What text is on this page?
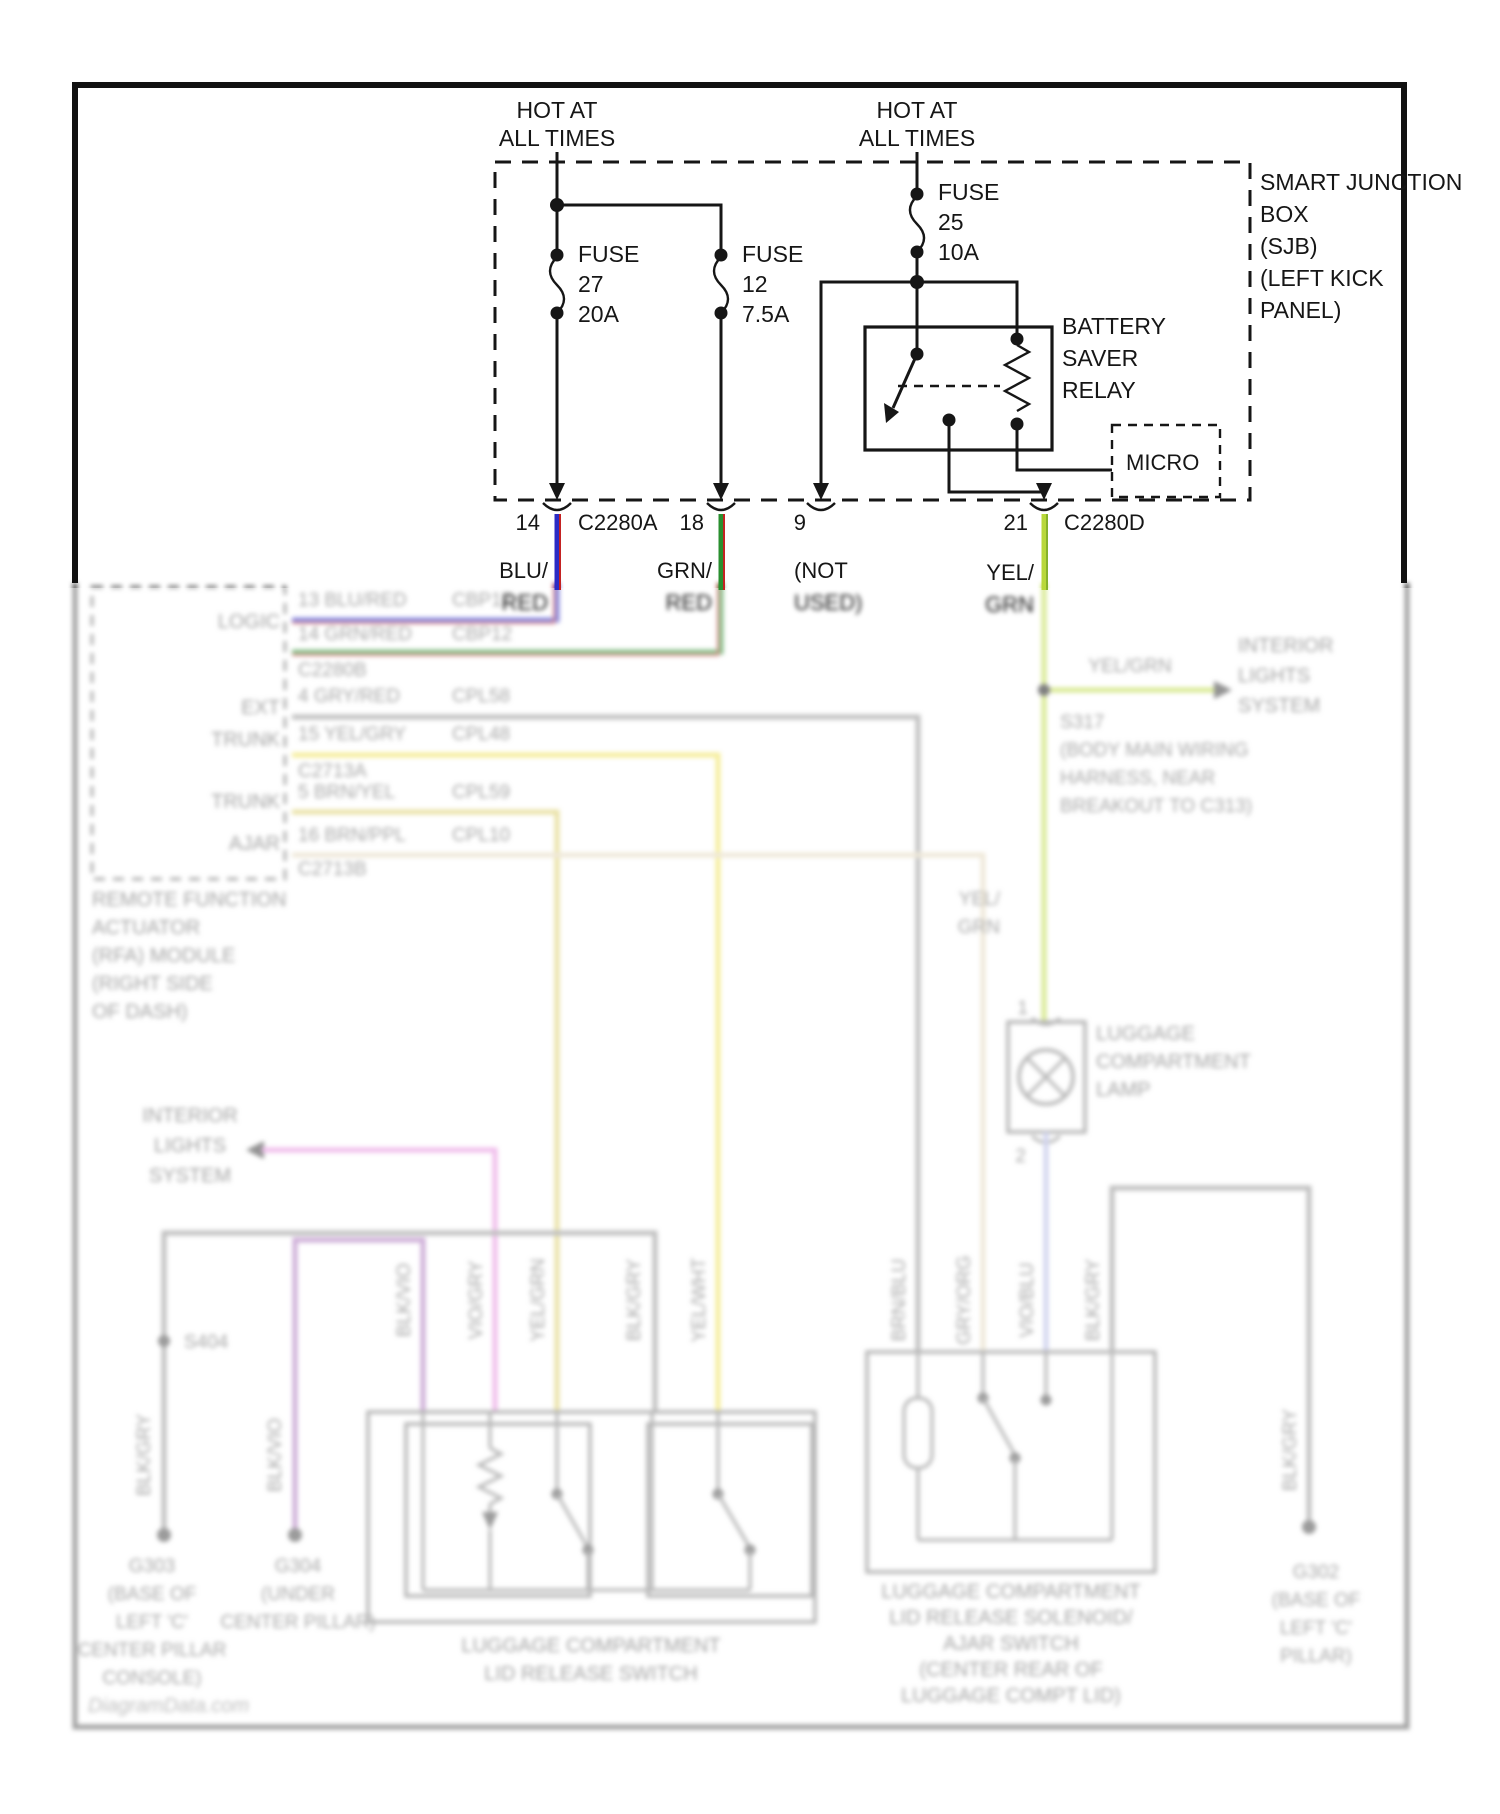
LOGIC
EXT
TRUNK
TRUNK
AJAR
13 BLU/RED CBP17
14 GRN/RED CBP12
C2280B
4 GRY/RED	CPL58
15 YEL/GRY CPL48
C2713A
5 BRN/YEL	CPL59
16 BRN/PPL CPL10
C2713B
REMOTE FUNCTION
ACTUATOR
(RFA) MODULE
(RIGHT SIDE
OF DASH)
YEL/GRN
INTERIOR
LIGHTS
SYSTEM
S317
(BODY MAIN WIRING
HARNESS, NEAR
BREAKOUT TO C313)
YEL/
GRN
1
2
LUGGAGE
COMPARTMENT
LAMP
INTERIOR
LIGHTS
SYSTEM
S404
G303
(BASE OF
LEFT 'C'
CENTER PILLAR
CONSOLE)
G304
(UNDER
CENTER PILLAR)
BLK/GRY	BLK/VIO
BLK/VIO	VIO/GRY YEL/GRN	BLK/GRY YEL/WHT
LUGGAGE COMPARTMENT
LID RELEASE SWITCH
BRN/BLU GRY/ORG VIO/BLU BLK/GRY
LUGGAGE COMPARTMENT
LID RELEASE SOLENOID/
AJAR SWITCH
(CENTER REAR OF
LUGGAGE COMPT LID)
BLK/GRY
G302
(BASE OF
LEFT 'C'
PILLAR)
DiagramData.com
HOT AT
ALL TIMES
HOT AT
ALL TIMES
SMART JUNCTION
BOX
(SJB)
(LEFT KICK
PANEL)
FUSE
27
20A
FUSE
12
7.5A
FUSE
25
10A
BATTERY
SAVER
RELAY
MICRO
14 C2280A 18	9	21 C2280D
BLU/	GRN/	(NOT	YEL/
RED	RED	USED)	GRN
